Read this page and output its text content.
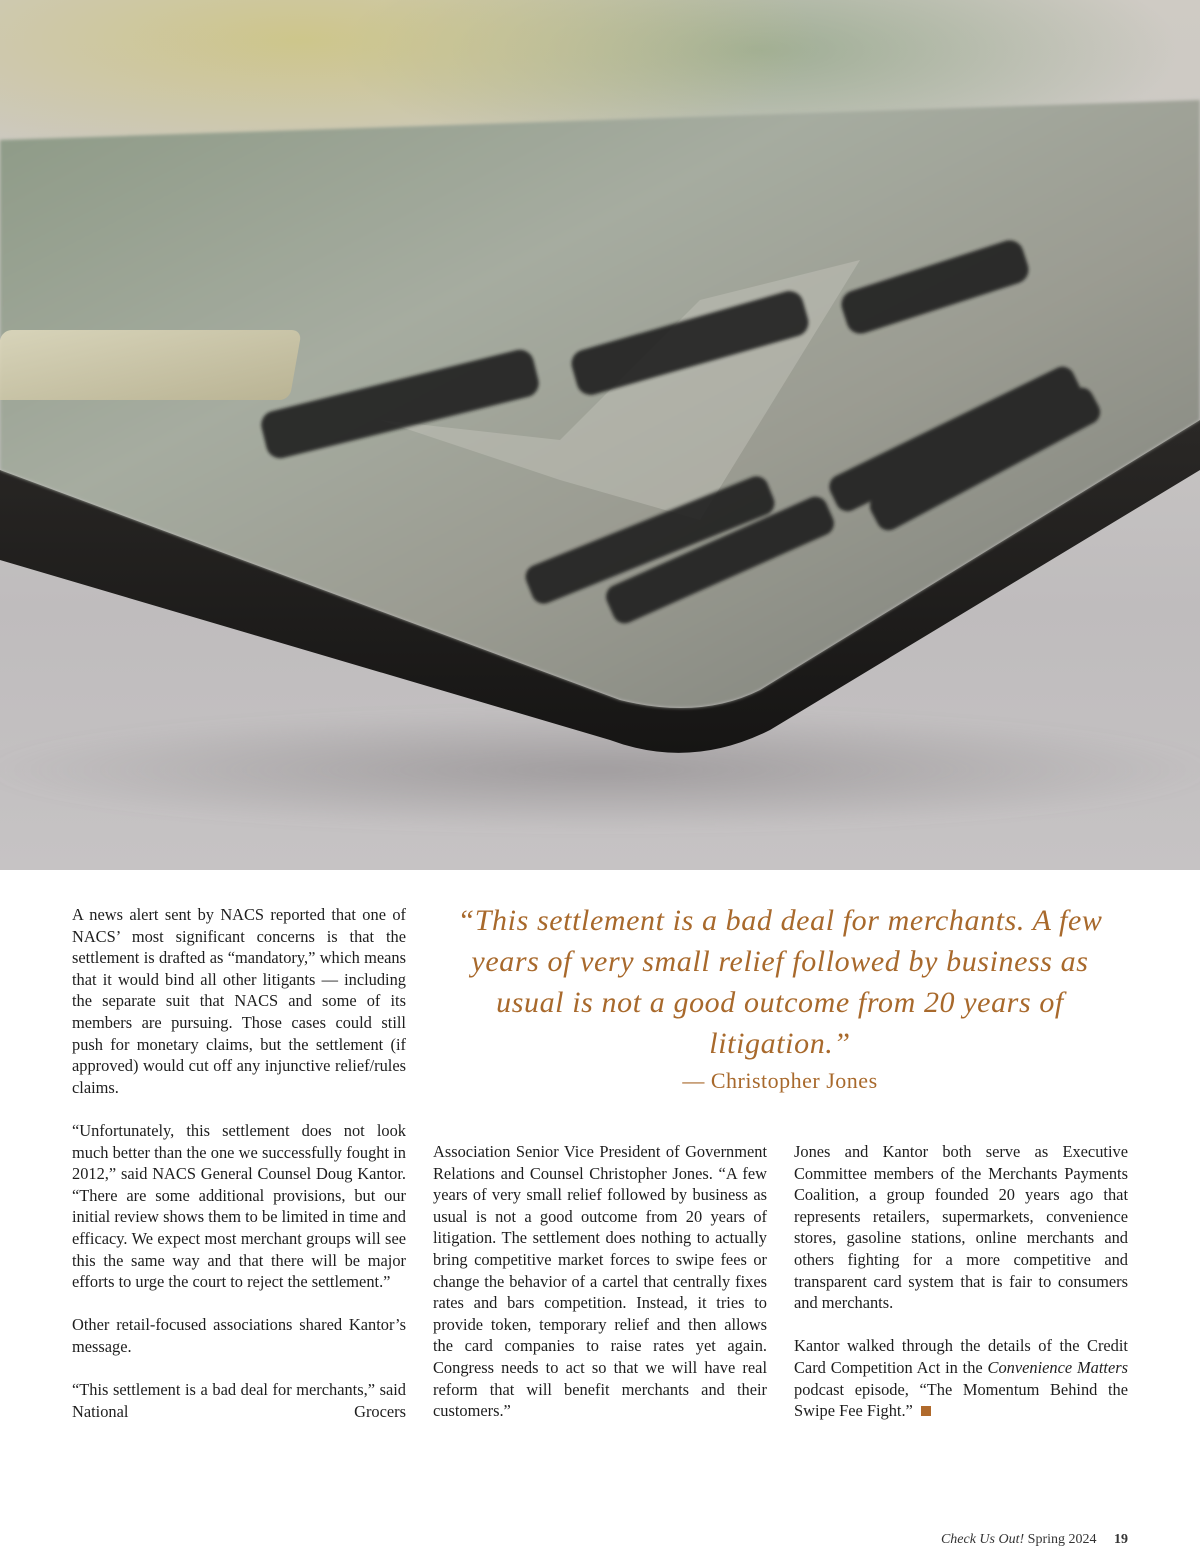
A news alert sent by NACS reported that one of NACS’ most significant concerns is that the settlement is drafted as “mandatory,” which means that it would bind all other litigants — including the separate suit that NACS and some of its members are pursuing. Those cases could still push for monetary claims, but the settlement (if approved) would cut off any injunctive relief/rules claims.

“Unfortunately, this settlement does not look much better than the one we successfully fought in 2012,” said NACS General Counsel Doug Kantor. “There are some additional provisions, but our initial review shows them to be limited in time and efficacy. We expect most merchant groups will see this the same way and that there will be major efforts to urge the court to reject the settlement.”

Other retail-focused associations shared Kantor’s message.

“This settlement is a bad deal for merchants,” said National Grocers

“This settlement is a bad deal for merchants. A few years of very small relief followed by business as usual is not a good outcome from 20 years of litigation.”
— Christopher Jones

Association Senior Vice President of Government Relations and Counsel Christopher Jones. “A few years of very small relief followed by business as usual is not a good outcome from 20 years of litigation. The settlement does nothing to actually bring competitive market forces to swipe fees or change the behavior of a cartel that centrally fixes rates and bars competition. Instead, it tries to provide token, temporary relief and then allows the card companies to raise rates yet again. Congress needs to act so that we will have real reform that will benefit merchants and their customers.”

Jones and Kantor both serve as Executive Committee members of the Merchants Payments Coalition, a group founded 20 years ago that represents retailers, supermarkets, convenience stores, gasoline stations, online merchants and others fighting for a more competitive and transparent card system that is fair to consumers and merchants.

Kantor walked through the details of the Credit Card Competition Act in the Convenience Matters podcast episode, “The Momentum Behind the Swipe Fee Fight.”

Check Us Out! Spring 2024 19
